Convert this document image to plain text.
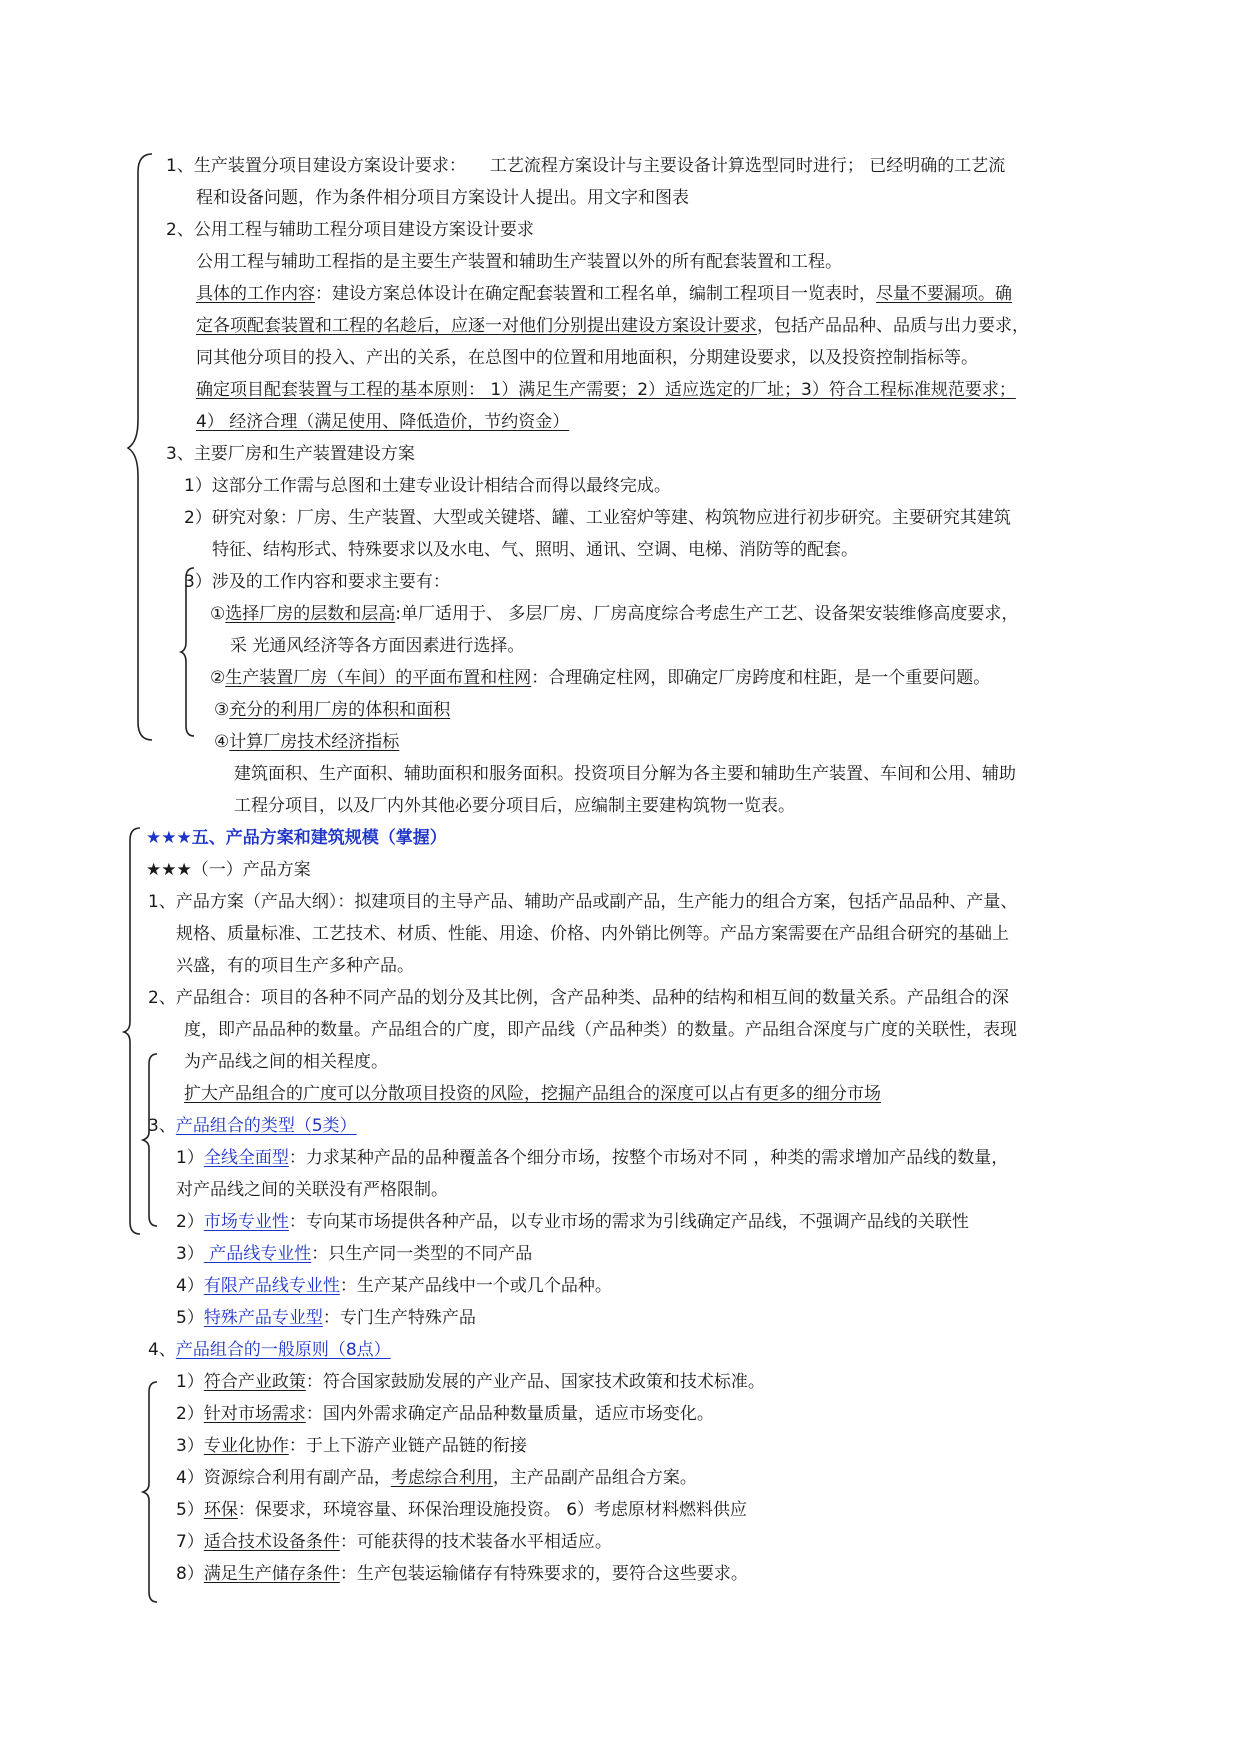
1、生产装置分项目建设方案设计要求： 工艺流程方案设计与主要设备计算选型同时进行； 已经明确的工艺流
程和设备问题，作为条件相分项目方案设计人提出。用文字和图表
2、公用工程与辅助工程分项目建设方案设计要求
公用工程与辅助工程指的是主要生产装置和辅助生产装置以外的所有配套装置和工程。
具体的工作内容：建设方案总体设计在确定配套装置和工程名单，编制工程项目一览表时，尽量不要漏项。确
定各项配套装置和工程的名趁后，应逐一对他们分别提出建设方案设计要求，包括产品品种、品质与出力要求，
同其他分项目的投入、产出的关系，在总图中的位置和用地面积，分期建设要求，以及投资控制指标等。
确定项目配套装置与工程的基本原则： 1）满足生产需要；2）适应选定的厂址；3）符合工程标准规范要求；
4） 经济合理（满足使用、降低造价，节约资金）
3、主要厂房和生产装置建设方案
1）这部分工作需与总图和土建专业设计相结合而得以最终完成。
2）研究对象：厂房、生产装置、大型或关键塔、罐、工业窑炉等建、构筑物应进行初步研究。主要研究其建筑
特征、结构形式、特殊要求以及水电、气、照明、通讯、空调、电梯、消防等的配套。
3）涉及的工作内容和要求主要有：
①选择厂房的层数和层高:单厂适用于、 多层厂房、厂房高度综合考虑生产工艺、设备架安装维修高度要求，
采 光通风经济等各方面因素进行选择。
②生产装置厂房（车间）的平面布置和柱网：合理确定柱网，即确定厂房跨度和柱距，是一个重要问题。
③充分的利用厂房的体积和面积
④计算厂房技术经济指标
建筑面积、生产面积、辅助面积和服务面积。投资项目分解为各主要和辅助生产装置、车间和公用、辅助
工程分项目，以及厂内外其他必要分项目后，应编制主要建构筑物一览表。
★★★五、产品方案和建筑规模（掌握）
★★★（一）产品方案
1、产品方案（产品大纲）：拟建项目的主导产品、辅助产品或副产品，生产能力的组合方案，包括产品品种、产量、
规格、质量标准、工艺技术、材质、性能、用途、价格、内外销比例等。产品方案需要在产品组合研究的基础上
兴盛，有的项目生产多种产品。
2、产品组合：项目的各种不同产品的划分及其比例，含产品种类、品种的结构和相互间的数量关系。产品组合的深
度，即产品品种的数量。产品组合的广度，即产品线（产品种类）的数量。产品组合深度与广度的关联性，表现
为产品线之间的相关程度。
扩大产品组合的广度可以分散项目投资的风险，挖掘产品组合的深度可以占有更多的细分市场
3、产品组合的类型（5类）
1）全线全面型：力求某种产品的品种覆盖各个细分市场，按整个市场对不同 ，种类的需求增加产品线的数量，
对产品线之间的关联没有严格限制。
2）市场专业性：专向某市场提供各种产品，以专业市场的需求为引线确定产品线，不强调产品线的关联性
3） 产品线专业性：只生产同一类型的不同产品
4）有限产品线专业性：生产某产品线中一个或几个品种。
5）特殊产品专业型：专门生产特殊产品
4、产品组合的一般原则（8点）
1）符合产业政策：符合国家鼓励发展的产业产品、国家技术政策和技术标准。
2）针对市场需求：国内外需求确定产品品种数量质量，适应市场变化。
3）专业化协作：于上下游产业链产品链的衔接
4）资源综合利用有副产品，考虑综合利用，主产品副产品组合方案。
5）环保：保要求，环境容量、环保治理设施投资。 6）考虑原材料燃料供应
7）适合技术设备条件：可能获得的技术装备水平相适应。
8）满足生产储存条件：生产包装运输储存有特殊要求的，要符合这些要求。
